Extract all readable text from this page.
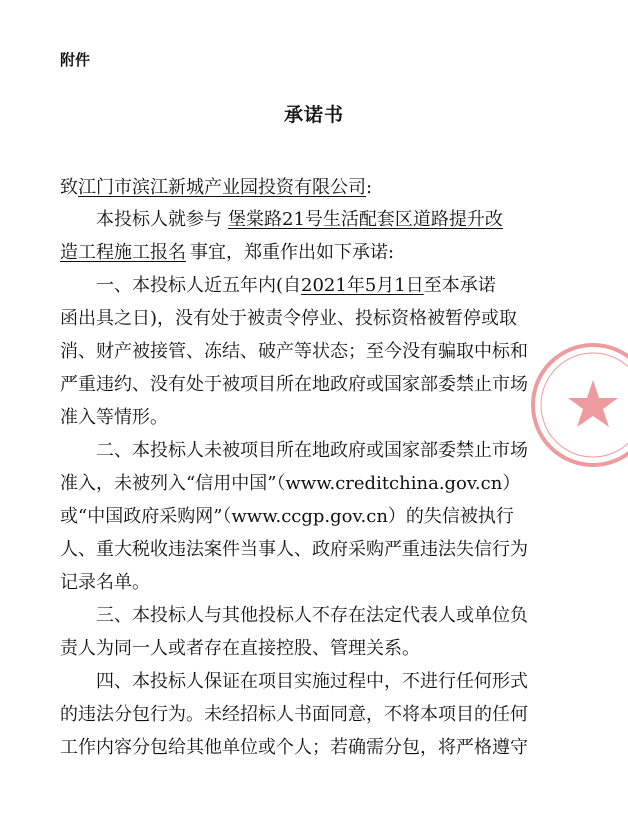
附件
承诺书
致江门市滨江新城产业园投资有限公司:
本投标人就参与 堡棠路21号生活配套区道路提升改
造工程施工报名 事宜，郑重作出如下承诺:
一、本投标人近五年内(自2021年5月1日至本承诺
函出具之日)，没有处于被责令停业、投标资格被暂停或取
消、财产被接管、冻结、破产等状态；至今没有骗取中标和
严重违约、没有处于被项目所在地政府或国家部委禁止市场
准入等情形。
二、本投标人未被项目所在地政府或国家部委禁止市场
准入，未被列入“信用中国”（www.creditchina.gov.cn）
或“中国政府采购网”（www.ccgp.gov.cn）的失信被执行
人、重大税收违法案件当事人、政府采购严重违法失信行为
记录名单。
三、本投标人与其他投标人不存在法定代表人或单位负
责人为同一人或者存在直接控股、管理关系。
四、本投标人保证在项目实施过程中，不进行任何形式
的违法分包行为。未经招标人书面同意，不将本项目的任何
工作内容分包给其他单位或个人；若确需分包，将严格遵守
